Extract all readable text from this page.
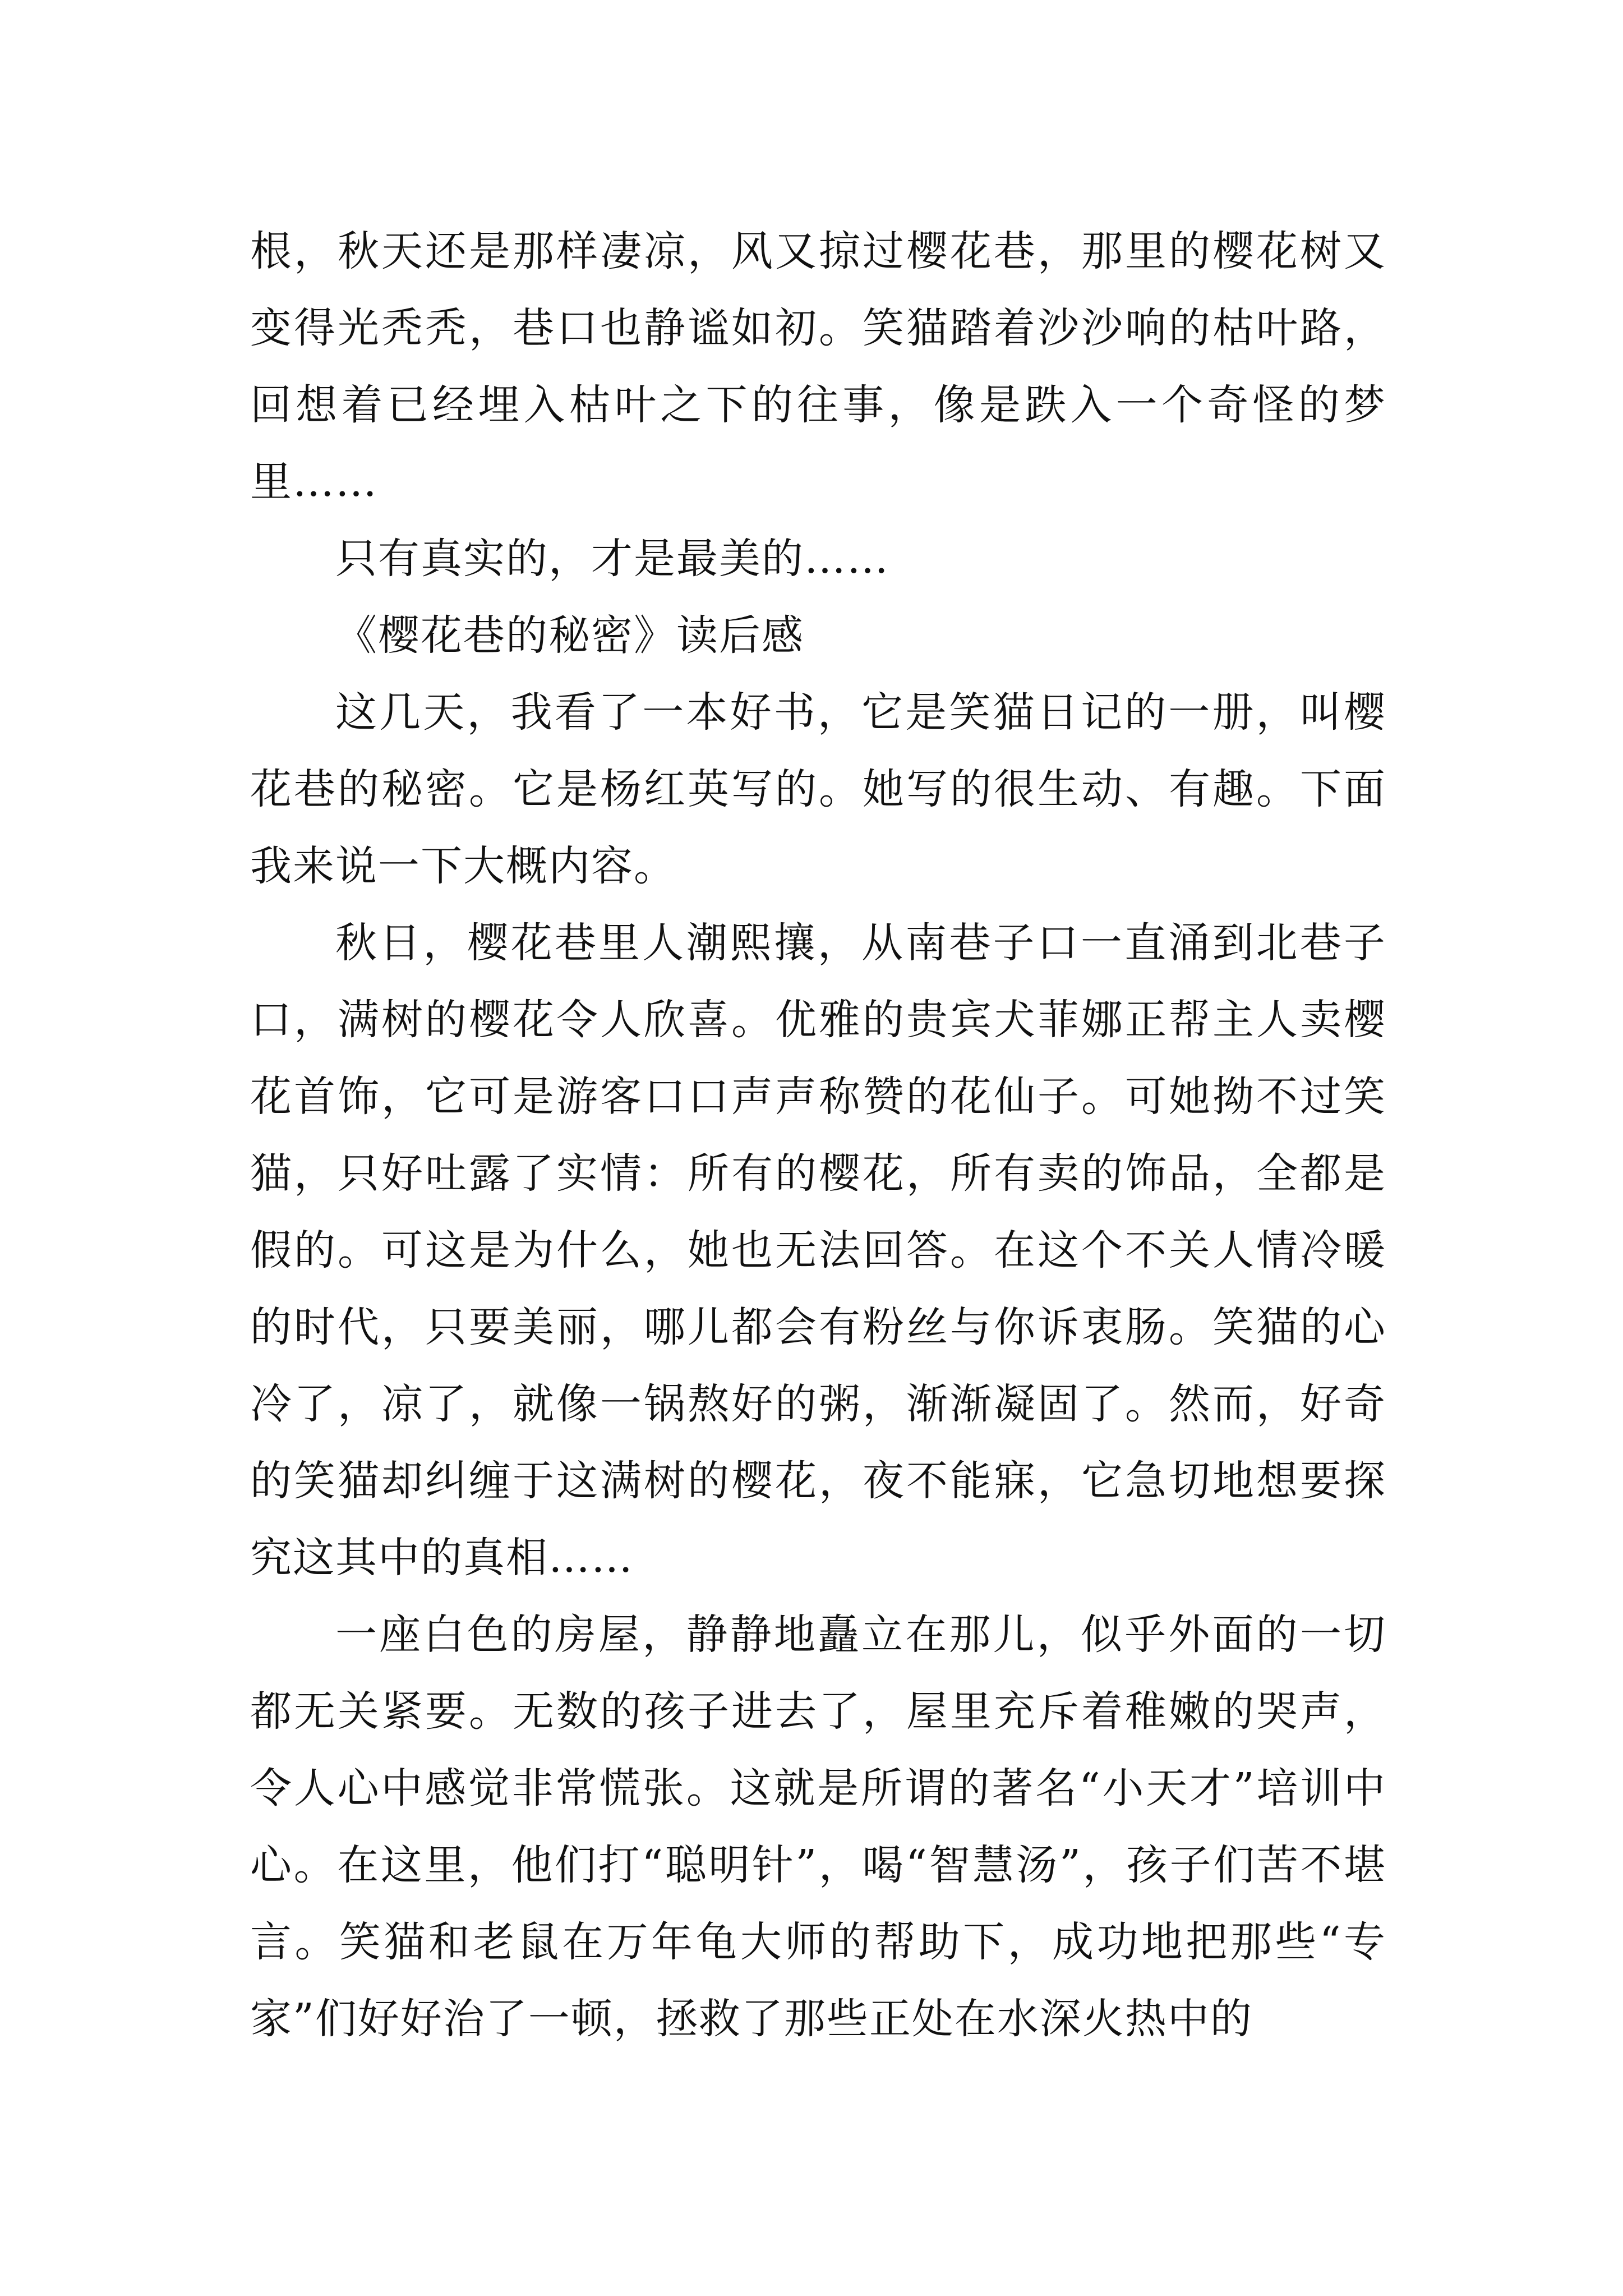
根，秋天还是那样凄凉，风又掠过樱花巷，那里的樱花树又变得光秃秃，巷口也静谧如初。笑猫踏着沙沙响的枯叶路，回想着已经埋入枯叶之下的往事，像是跌入一个奇怪的梦里……

只有真实的，才是最美的……

《樱花巷的秘密》读后感

这几天，我看了一本好书，它是笑猫日记的一册，叫樱花巷的秘密。它是杨红英写的。她写的很生动、有趣。下面我来说一下大概内容。

秋日，樱花巷里人潮熙攘，从南巷子口一直涌到北巷子口，满树的樱花令人欣喜。优雅的贵宾犬菲娜正帮主人卖樱花首饰，它可是游客口口声声称赞的花仙子。可她拗不过笑猫，只好吐露了实情：所有的樱花，所有卖的饰品，全都是假的。可这是为什么，她也无法回答。在这个不关人情冷暖的时代，只要美丽，哪儿都会有粉丝与你诉衷肠。笑猫的心冷了，凉了，就像一锅熬好的粥，渐渐凝固了。然而，好奇的笑猫却纠缠于这满树的樱花，夜不能寐，它急切地想要探究这其中的真相……

一座白色的房屋，静静地矗立在那儿，似乎外面的一切都无关紧要。无数的孩子进去了，屋里充斥着稚嫩的哭声，令人心中感觉非常慌张。这就是所谓的著名“小天才”培训中心。在这里，他们打“聪明针”，喝“智慧汤”，孩子们苦不堪言。笑猫和老鼠在万年龟大师的帮助下，成功地把那些“专家”们好好治了一顿，拯救了那些正处在水深火热中的
